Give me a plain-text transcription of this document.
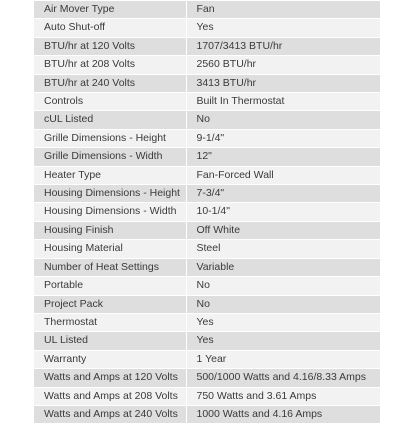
Air Mover Type	Fan
Auto Shut-off	Yes
BTU/hr at 120 Volts	1707/3413 BTU/hr
BTU/hr at 208 Volts	2560 BTU/hr
BTU/hr at 240 Volts	3413 BTU/hr
Controls	Built In Thermostat
cUL Listed	No
Grille Dimensions - Height	9-1/4"
Grille Dimensions - Width	12"
Heater Type	Fan-Forced Wall
Housing Dimensions - Height	7-3/4"
Housing Dimensions - Width	10-1/4"
Housing Finish	Off White
Housing Material	Steel
Number of Heat Settings	Variable
Portable	No
Project Pack	No
Thermostat	Yes
UL Listed	Yes
Warranty	1 Year
Watts and Amps at 120 Volts	500/1000 Watts and 4.16/8.33 Amps
Watts and Amps at 208 Volts	750 Watts and 3.61 Amps
Watts and Amps at 240 Volts	1000 Watts and 4.16 Amps
